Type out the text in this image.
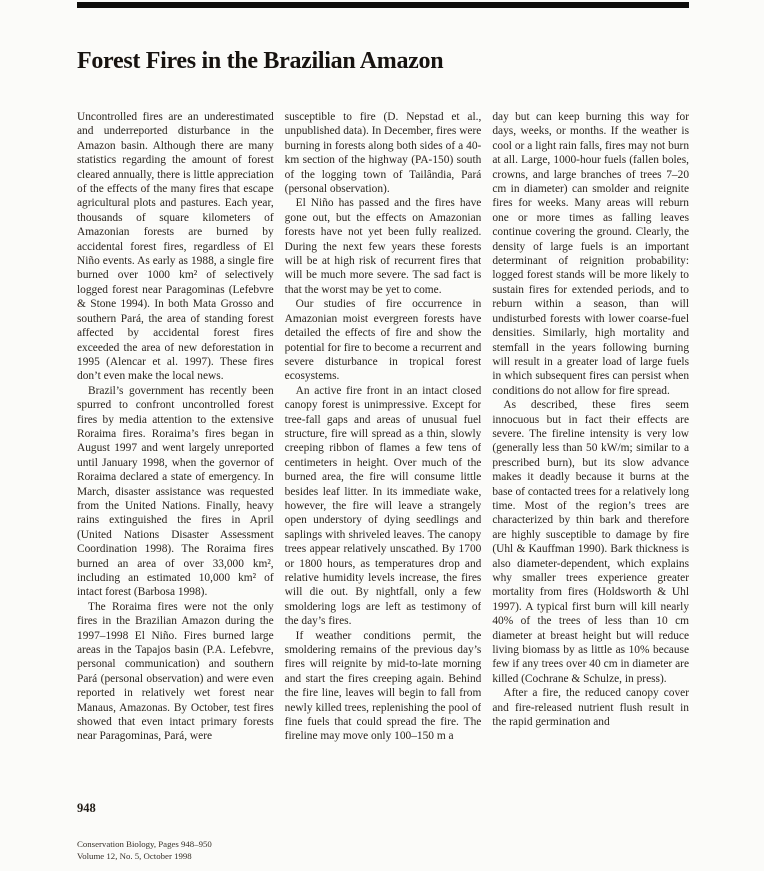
Forest Fires in the Brazilian Amazon

Uncontrolled fires are an underestimated and underreported disturbance in the Amazon basin. Although there are many statistics regarding the amount of forest cleared annually, there is little appreciation of the effects of the many fires that escape agricultural plots and pastures. Each year, thousands of square kilometers of Amazonian forests are burned by accidental forest fires, regardless of El Niño events. As early as 1988, a single fire burned over 1000 km² of selectively logged forest near Paragominas (Lefebvre & Stone 1994). In both Mata Grosso and southern Pará, the area of standing forest affected by accidental forest fires exceeded the area of new deforestation in 1995 (Alencar et al. 1997). These fires don’t even make the local news.

Brazil’s government has recently been spurred to confront uncontrolled forest fires by media attention to the extensive Roraima fires. Roraima’s fires began in August 1997 and went largely unreported until January 1998, when the governor of Roraima declared a state of emergency. In March, disaster assistance was requested from the United Nations. Finally, heavy rains extinguished the fires in April (United Nations Disaster Assessment Coordination 1998). The Roraima fires burned an area of over 33,000 km², including an estimated 10,000 km² of intact forest (Barbosa 1998).

The Roraima fires were not the only fires in the Brazilian Amazon during the 1997–1998 El Niño. Fires burned large areas in the Tapajos basin (P.A. Lefebvre, personal communication) and southern Pará (personal observation) and were even reported in relatively wet forest near Manaus, Amazonas. By October, test fires showed that even intact primary forests near Paragominas, Pará, were

susceptible to fire (D. Nepstad et al., unpublished data). In December, fires were burning in forests along both sides of a 40-km section of the highway (PA-150) south of the logging town of Tailândia, Pará (personal observation).

El Niño has passed and the fires have gone out, but the effects on Amazonian forests have not yet been fully realized. During the next few years these forests will be at high risk of recurrent fires that will be much more severe. The sad fact is that the worst may be yet to come.

Our studies of fire occurrence in Amazonian moist evergreen forests have detailed the effects of fire and show the potential for fire to become a recurrent and severe disturbance in tropical forest ecosystems.

An active fire front in an intact closed canopy forest is unimpressive. Except for tree-fall gaps and areas of unusual fuel structure, fire will spread as a thin, slowly creeping ribbon of flames a few tens of centimeters in height. Over much of the burned area, the fire will consume little besides leaf litter. In its immediate wake, however, the fire will leave a strangely open understory of dying seedlings and saplings with shriveled leaves. The canopy trees appear relatively unscathed. By 1700 or 1800 hours, as temperatures drop and relative humidity levels increase, the fires will die out. By nightfall, only a few smoldering logs are left as testimony of the day’s fires.

If weather conditions permit, the smoldering remains of the previous day’s fires will reignite by mid-to-late morning and start the fires creeping again. Behind the fire line, leaves will begin to fall from newly killed trees, replenishing the pool of fine fuels that could spread the fire. The fireline may move only 100–150 m a

day but can keep burning this way for days, weeks, or months. If the weather is cool or a light rain falls, fires may not burn at all. Large, 1000-hour fuels (fallen boles, crowns, and large branches of trees 7–20 cm in diameter) can smolder and reignite fires for weeks. Many areas will reburn one or more times as falling leaves continue covering the ground. Clearly, the density of large fuels is an important determinant of reignition probability: logged forest stands will be more likely to sustain fires for extended periods, and to reburn within a season, than will undisturbed forests with lower coarse-fuel densities. Similarly, high mortality and stemfall in the years following burning will result in a greater load of large fuels in which subsequent fires can persist when conditions do not allow for fire spread.

As described, these fires seem innocuous but in fact their effects are severe. The fireline intensity is very low (generally less than 50 kW/m; similar to a prescribed burn), but its slow advance makes it deadly because it burns at the base of contacted trees for a relatively long time. Most of the region’s trees are characterized by thin bark and therefore are highly susceptible to damage by fire (Uhl & Kauffman 1990). Bark thickness is also diameter-dependent, which explains why smaller trees experience greater mortality from fires (Holdsworth & Uhl 1997). A typical first burn will kill nearly 40% of the trees of less than 10 cm diameter at breast height but will reduce living biomass by as little as 10% because few if any trees over 40 cm in diameter are killed (Cochrane & Schulze, in press).

After a fire, the reduced canopy cover and fire-released nutrient flush result in the rapid germination and

948
Conservation Biology, Pages 948–950
Volume 12, No. 5, October 1998
